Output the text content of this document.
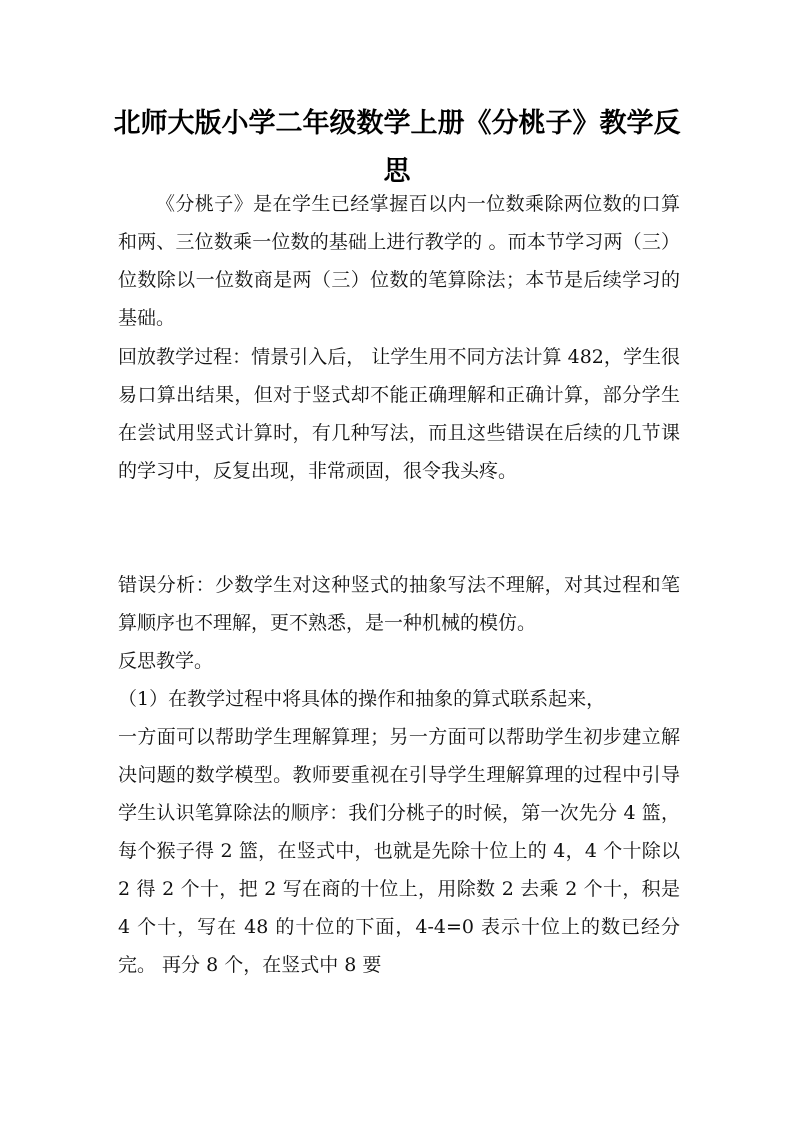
北师大版小学二年级数学上册《分桃子》教学反思

《分桃子》是在学生已经掌握百以内一位数乘除两位数的口算和两、三位数乘一位数的基础上进行教学的 。而本节学习两（三）位数除以一位数商是两（三）位数的笔算除法；本节是后续学习的基础。

回放教学过程：情景引入后， 让学生用不同方法计算 482，学生很易口算出结果，但对于竖式却不能正确理解和正确计算，部分学生在尝试用竖式计算时，有几种写法，而且这些错误在后续的几节课的学习中，反复出现，非常顽固，很令我头疼。

错误分析：少数学生对这种竖式的抽象写法不理解，对其过程和笔算顺序也不理解，更不熟悉，是一种机械的模仿。

反思教学。

（1）在教学过程中将具体的操作和抽象的算式联系起来，

一方面可以帮助学生理解算理；另一方面可以帮助学生初步建立解决问题的数学模型。教师要重视在引导学生理解算理的过程中引导学生认识笔算除法的顺序：我们分桃子的时候，第一次先分 4 篮，每个猴子得 2 篮，在竖式中，也就是先除十位上的 4，4 个十除以 2 得 2 个十，把 2 写在商的十位上，用除数 2 去乘 2 个十，积是 4 个十，写在 48 的十位的下面，4-4=0 表示十位上的数已经分完。 再分 8 个，在竖式中 8 要
